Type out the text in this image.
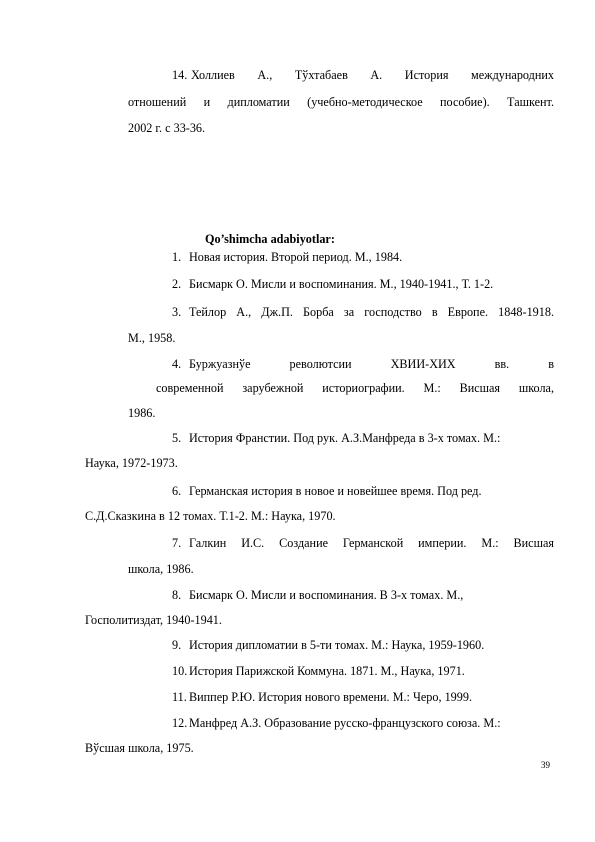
14. Холлиев А., Тўхтабаев А. История международних
отношений и дипломатии (учебно-методическое пособие). Ташкент.
2002 г. с 33-36.
Qo’shimcha adabiyotlar:
1. Новая история. Второй период. М., 1984.
2. Бисмарк О. Мисли и воспоминания. М., 1940-1941., Т. 1-2.
3. Тейлор А., Дж.П. Борба за господство в Европе. 1848-1918.
М., 1958.
4. Буржуазнўе револютсии ХВИИ-ХИХ вв. в
современной зарубежной историографии. М.: Висшая школа,
1986.
5. История Франстии. Под рук. А.З.Манфреда в 3-х томах. М.:
Наука, 1972-1973.
6. Германская история в новое и новейшее время. Под ред.
С.Д.Сказкина в 12 томах. Т.1-2. М.: Наука, 1970.
7. Галкин И.С. Создание Германской империи. М.: Висшая
школа, 1986.
8. Бисмарк О. Мисли и воспоминания. В 3-х томах. М.,
Госполитиздат, 1940-1941.
9. История дипломатии в 5-ти томах. М.: Наука, 1959-1960.
10. История Парижской Коммуна. 1871. М., Наука, 1971.
11. Виппер Р.Ю. История нового времени. М.: Черо, 1999.
12. Манфред А.З. Образование русско-французского союза. М.:
Вўсшая школа, 1975.
39
